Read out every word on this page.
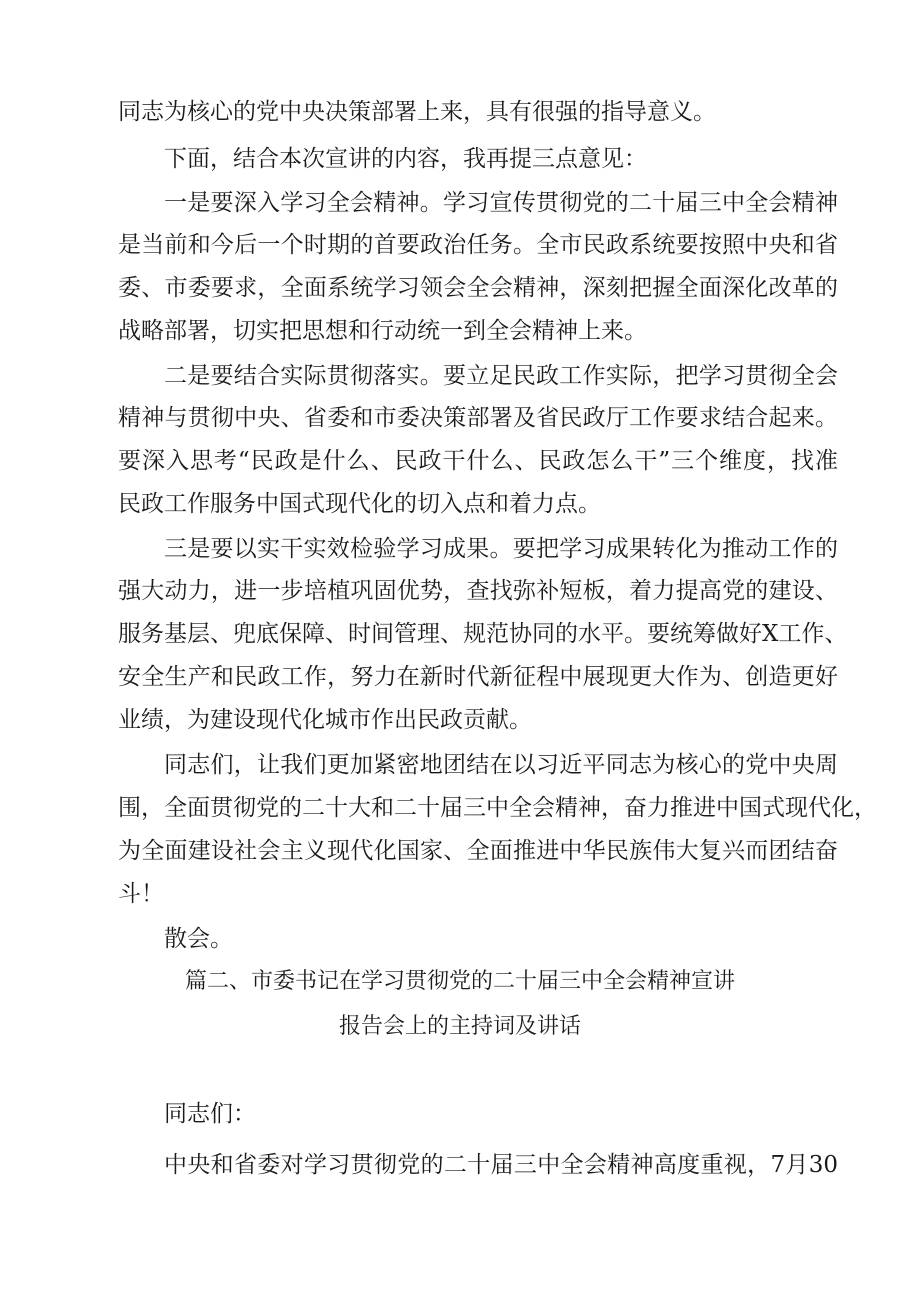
同志为核心的党中央决策部署上来，具有很强的指导意义。
下面，结合本次宣讲的内容，我再提三点意见：
一是要深入学习全会精神。学习宣传贯彻党的二十届三中全会精神
是当前和今后一个时期的首要政治任务。全市民政系统要按照中央和省
委、市委要求，全面系统学习领会全会精神，深刻把握全面深化改革的
战略部署，切实把思想和行动统一到全会精神上来。
二是要结合实际贯彻落实。要立足民政工作实际，把学习贯彻全会
精神与贯彻中央、省委和市委决策部署及省民政厅工作要求结合起来。
要深入思考“民政是什么、民政干什么、民政怎么干”三个维度，找准
民政工作服务中国式现代化的切入点和着力点。
三是要以实干实效检验学习成果。要把学习成果转化为推动工作的
强大动力，进一步培植巩固优势，查找弥补短板，着力提高党的建设、
服务基层、兜底保障、时间管理、规范协同的水平。要统筹做好X工作、
安全生产和民政工作，努力在新时代新征程中展现更大作为、创造更好
业绩，为建设现代化城市作出民政贡献。
同志们，让我们更加紧密地团结在以习近平同志为核心的党中央周
围，全面贯彻党的二十大和二十届三中全会精神，奋力推进中国式现代化，
为全面建设社会主义现代化国家、全面推进中华民族伟大复兴而团结奋
斗！
散会。
篇二、市委书记在学习贯彻党的二十届三中全会精神宣讲
报告会上的主持词及讲话
同志们：
中央和省委对学习贯彻党的二十届三中全会精神高度重视，7月30
